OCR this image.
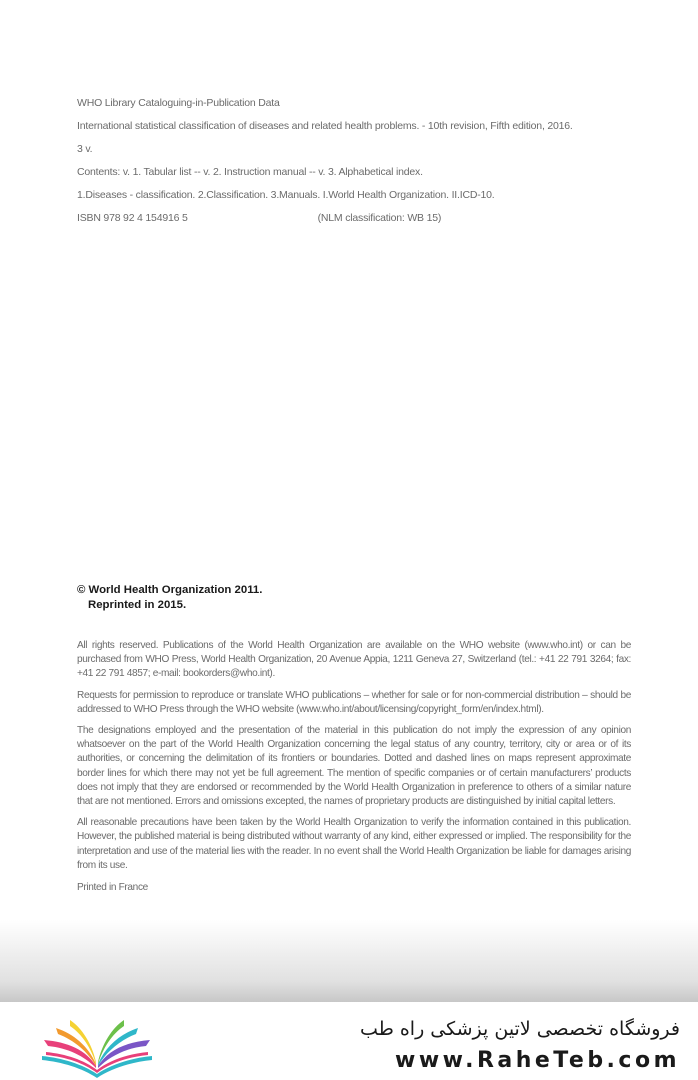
WHO Library Cataloguing-in-Publication Data

International statistical classification of diseases and related health problems. - 10th revision, Fifth edition, 2016.

3 v.

Contents: v. 1. Tabular list -- v. 2. Instruction manual -- v. 3. Alphabetical index.

1.Diseases - classification. 2.Classification. 3.Manuals. I.World Health Organization. II.ICD-10.

ISBN 978 92 4 154916 5	(NLM classification: WB 15)

© World Health Organization 2011.
Reprinted in 2015.

All rights reserved. Publications of the World Health Organization are available on the WHO website (www.who.int) or can be purchased from WHO Press, World Health Organization, 20 Avenue Appia, 1211 Geneva 27, Switzerland (tel.: +41 22 791 3264; fax: +41 22 791 4857; e-mail: bookorders@who.int).

Requests for permission to reproduce or translate WHO publications – whether for sale or for non-commercial distribution – should be addressed to WHO Press through the WHO website (www.who.int/about/licensing/copyright_form/en/index.html).

The designations employed and the presentation of the material in this publication do not imply the expression of any opinion whatsoever on the part of the World Health Organization concerning the legal status of any country, territory, city or area or of its authorities, or concerning the delimitation of its frontiers or boundaries. Dotted and dashed lines on maps represent approximate border lines for which there may not yet be full agreement. The mention of specific companies or of certain manufacturers’ products does not imply that they are endorsed or recommended by the World Health Organization in preference to others of a similar nature that are not mentioned. Errors and omissions excepted, the names of proprietary products are distinguished by initial capital letters.

All reasonable precautions have been taken by the World Health Organization to verify the information contained in this publication. However, the published material is being distributed without warranty of any kind, either expressed or implied. The responsibility for the interpretation and use of the material lies with the reader. In no event shall the World Health Organization be liable for damages arising from its use.

Printed in France

فروشگاه تخصصی لاتین پزشکی راه طب
www.RaheTeb.com
